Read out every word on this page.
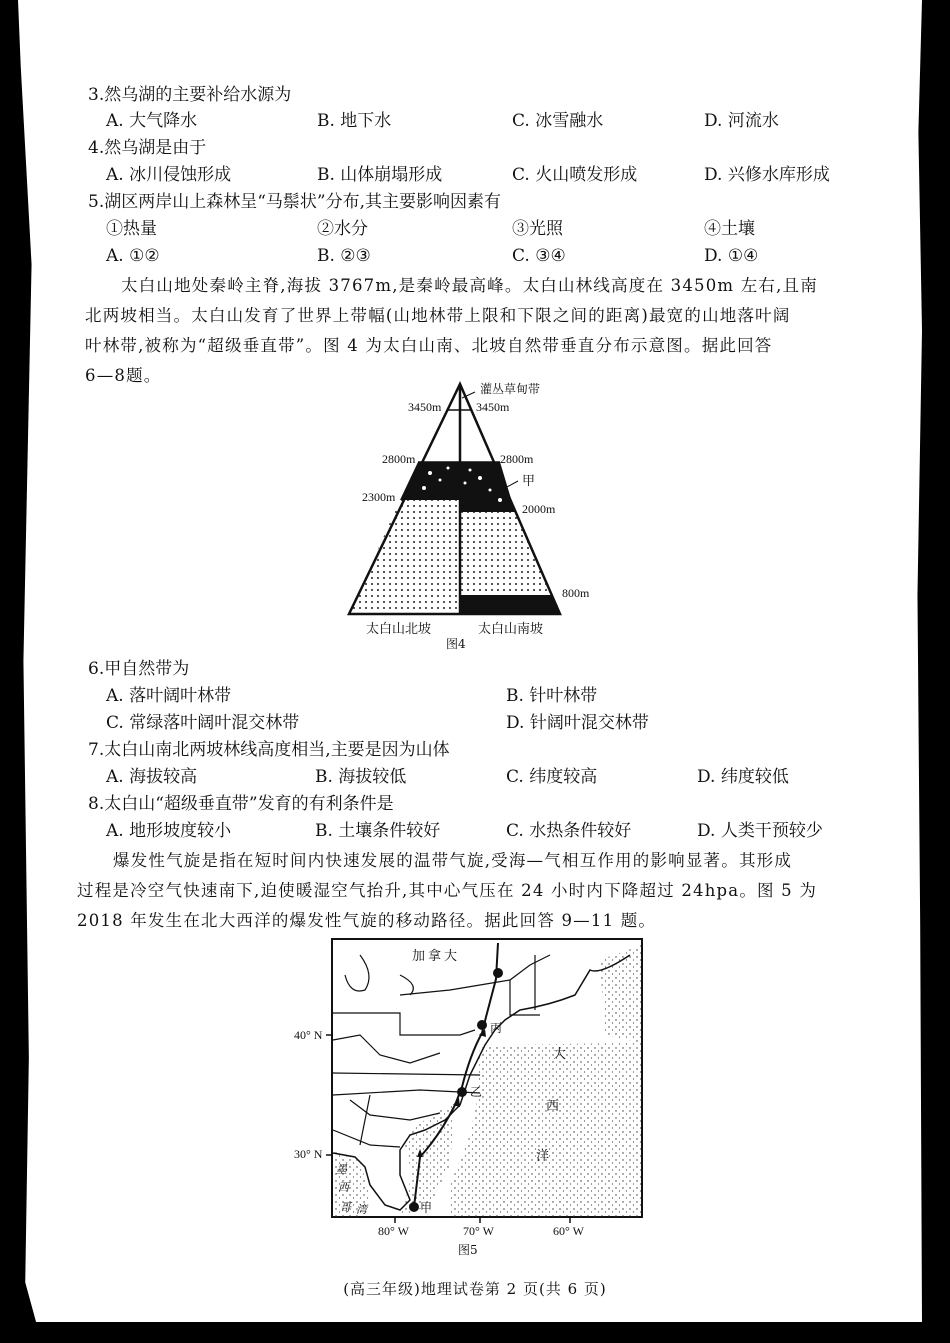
3.然乌湖的主要补给水源为
A. 大气降水	B. 地下水	C. 冰雪融水	D. 河流水
4.然乌湖是由于
A. 冰川侵蚀形成	B. 山体崩塌形成	C. 火山喷发形成	D. 兴修水库形成
5.湖区两岸山上森林呈“马鬃状”分布,其主要影响因素有
①热量	②水分	③光照	④土壤
A. ①②	B. ②③	C. ③④	D. ①④
太白山地处秦岭主脊,海拔 3767m,是秦岭最高峰。太白山林线高度在 3450m 左右,且南
北两坡相当。太白山发育了世界上带幅(山地林带上限和下限之间的距离)最宽的山地落叶阔
叶林带,被称为“超级垂直带”。图 4 为太白山南、北坡自然带垂直分布示意图。据此回答
6—8题。
灌丛草甸带
3450m	3450m
2800m	2800m
甲
2300m
2000m
800m
太白山北坡	太白山南坡
图4
6.甲自然带为
A. 落叶阔叶林带	B. 针叶林带
C. 常绿落叶阔叶混交林带	D. 针阔叶混交林带
7.太白山南北两坡林线高度相当,主要是因为山体
A. 海拔较高	B. 海拔较低	C. 纬度较高	D. 纬度较低
8.太白山“超级垂直带”发育的有利条件是
A. 地形坡度较小	B. 土壤条件较好	C. 水热条件较好	D. 人类干预较少
爆发性气旋是指在短时间内快速发展的温带气旋,受海—气相互作用的影响显著。其形成
过程是冷空气快速南下,迫使暖湿空气抬升,其中心气压在 24 小时内下降超过 24hpa。图 5 为
2018 年发生在北大西洋的爆发性气旋的移动路径。据此回答 9—11 题。
加拿大
大
西
洋
墨
西
哥 湾	甲
乙
丙
40° N
30° N
80° W	70° W	60° W
图5
(高三年级)地理试卷第 2 页(共 6 页)
